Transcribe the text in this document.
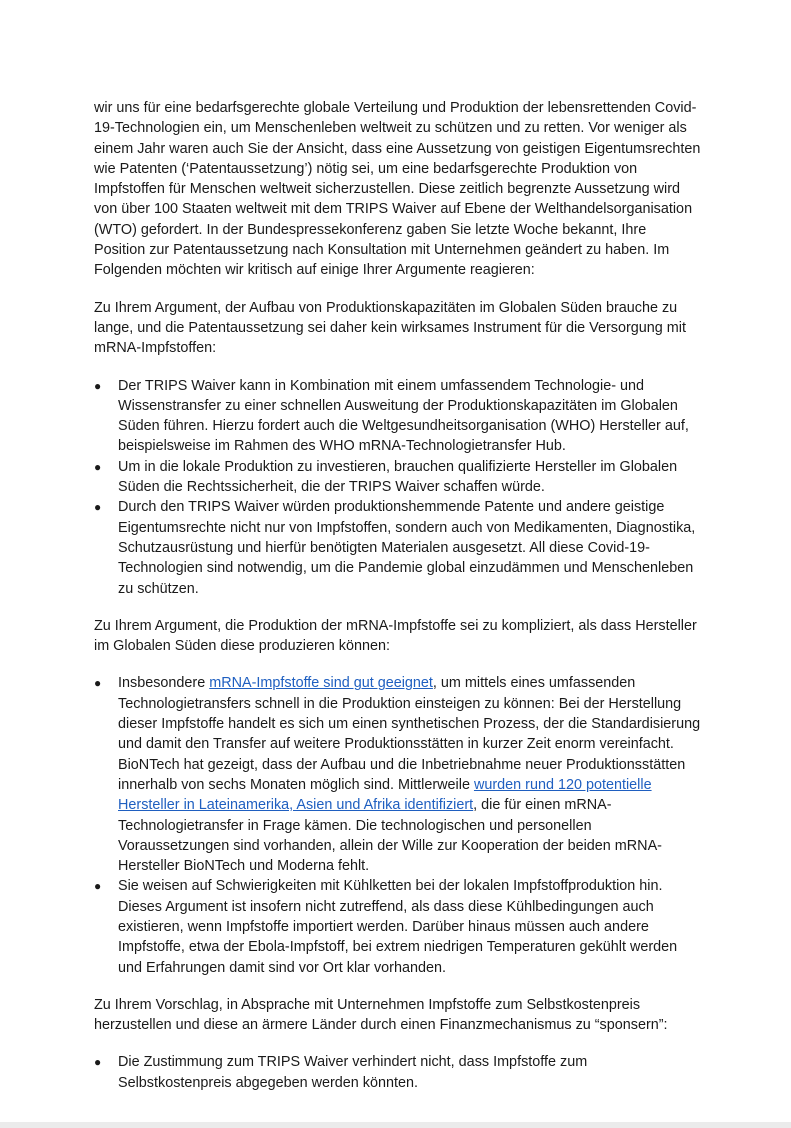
wir uns für eine bedarfsgerechte globale Verteilung und Produktion der lebensrettenden Covid-19-Technologien ein, um Menschenleben weltweit zu schützen und zu retten. Vor weniger als einem Jahr waren auch Sie der Ansicht, dass eine Aussetzung von geistigen Eigentumsrechten wie Patenten (‘Patentaussetzung’) nötig sei, um eine bedarfsgerechte Produktion von Impfstoffen für Menschen weltweit sicherzustellen. Diese zeitlich begrenzte Aussetzung wird von über 100 Staaten weltweit mit dem TRIPS Waiver auf Ebene der Welthandelsorganisation (WTO) gefordert. In der Bundespressekonferenz gaben Sie letzte Woche bekannt, Ihre Position zur Patentaussetzung nach Konsultation mit Unternehmen geändert zu haben. Im Folgenden möchten wir kritisch auf einige Ihrer Argumente reagieren:

Zu Ihrem Argument, der Aufbau von Produktionskapazitäten im Globalen Süden brauche zu lange, und die Patentaussetzung sei daher kein wirksames Instrument für die Versorgung mit mRNA-Impfstoffen:

●	Der TRIPS Waiver kann in Kombination mit einem umfassendem Technologie- und Wissenstransfer zu einer schnellen Ausweitung der Produktionskapazitäten im Globalen Süden führen. Hierzu fordert auch die Weltgesundheitsorganisation (WHO) Hersteller auf, beispielsweise im Rahmen des WHO mRNA-Technologietransfer Hub.
●	Um in die lokale Produktion zu investieren, brauchen qualifizierte Hersteller im Globalen Süden die Rechtssicherheit, die der TRIPS Waiver schaffen würde.
●	Durch den TRIPS Waiver würden produktionshemmende Patente und andere geistige Eigentumsrechte nicht nur von Impfstoffen, sondern auch von Medikamenten, Diagnostika, Schutzausrüstung und hierfür benötigten Materialen ausgesetzt. All diese Covid-19-Technologien sind notwendig, um die Pandemie global einzudämmen und Menschenleben zu schützen.

Zu Ihrem Argument, die Produktion der mRNA-Impfstoffe sei zu kompliziert, als dass Hersteller im Globalen Süden diese produzieren können:

●	Insbesondere mRNA-Impfstoffe sind gut geeignet, um mittels eines umfassenden Technologietransfers schnell in die Produktion einsteigen zu können: Bei der Herstellung dieser Impfstoffe handelt es sich um einen synthetischen Prozess, der die Standardisierung und damit den Transfer auf weitere Produktionsstätten in kurzer Zeit enorm vereinfacht. BioNTech hat gezeigt, dass der Aufbau und die Inbetriebnahme neuer Produktionsstätten innerhalb von sechs Monaten möglich sind. Mittlerweile wurden rund 120 potentielle Hersteller in Lateinamerika, Asien und Afrika identifiziert, die für einen mRNA-Technologietransfer in Frage kämen. Die technologischen und personellen Voraussetzungen sind vorhanden, allein der Wille zur Kooperation der beiden mRNA-Hersteller BioNTech und Moderna fehlt.
●	Sie weisen auf Schwierigkeiten mit Kühlketten bei der lokalen Impfstoffproduktion hin. Dieses Argument ist insofern nicht zutreffend, als dass diese Kühlbedingungen auch existieren, wenn Impfstoffe importiert werden. Darüber hinaus müssen auch andere Impfstoffe, etwa der Ebola-Impfstoff, bei extrem niedrigen Temperaturen gekühlt werden und Erfahrungen damit sind vor Ort klar vorhanden.

Zu Ihrem Vorschlag, in Absprache mit Unternehmen Impfstoffe zum Selbstkostenpreis herzustellen und diese an ärmere Länder durch einen Finanzmechanismus zu “sponsern”:

●	Die Zustimmung zum TRIPS Waiver verhindert nicht, dass Impfstoffe zum Selbstkostenpreis abgegeben werden könnten.
